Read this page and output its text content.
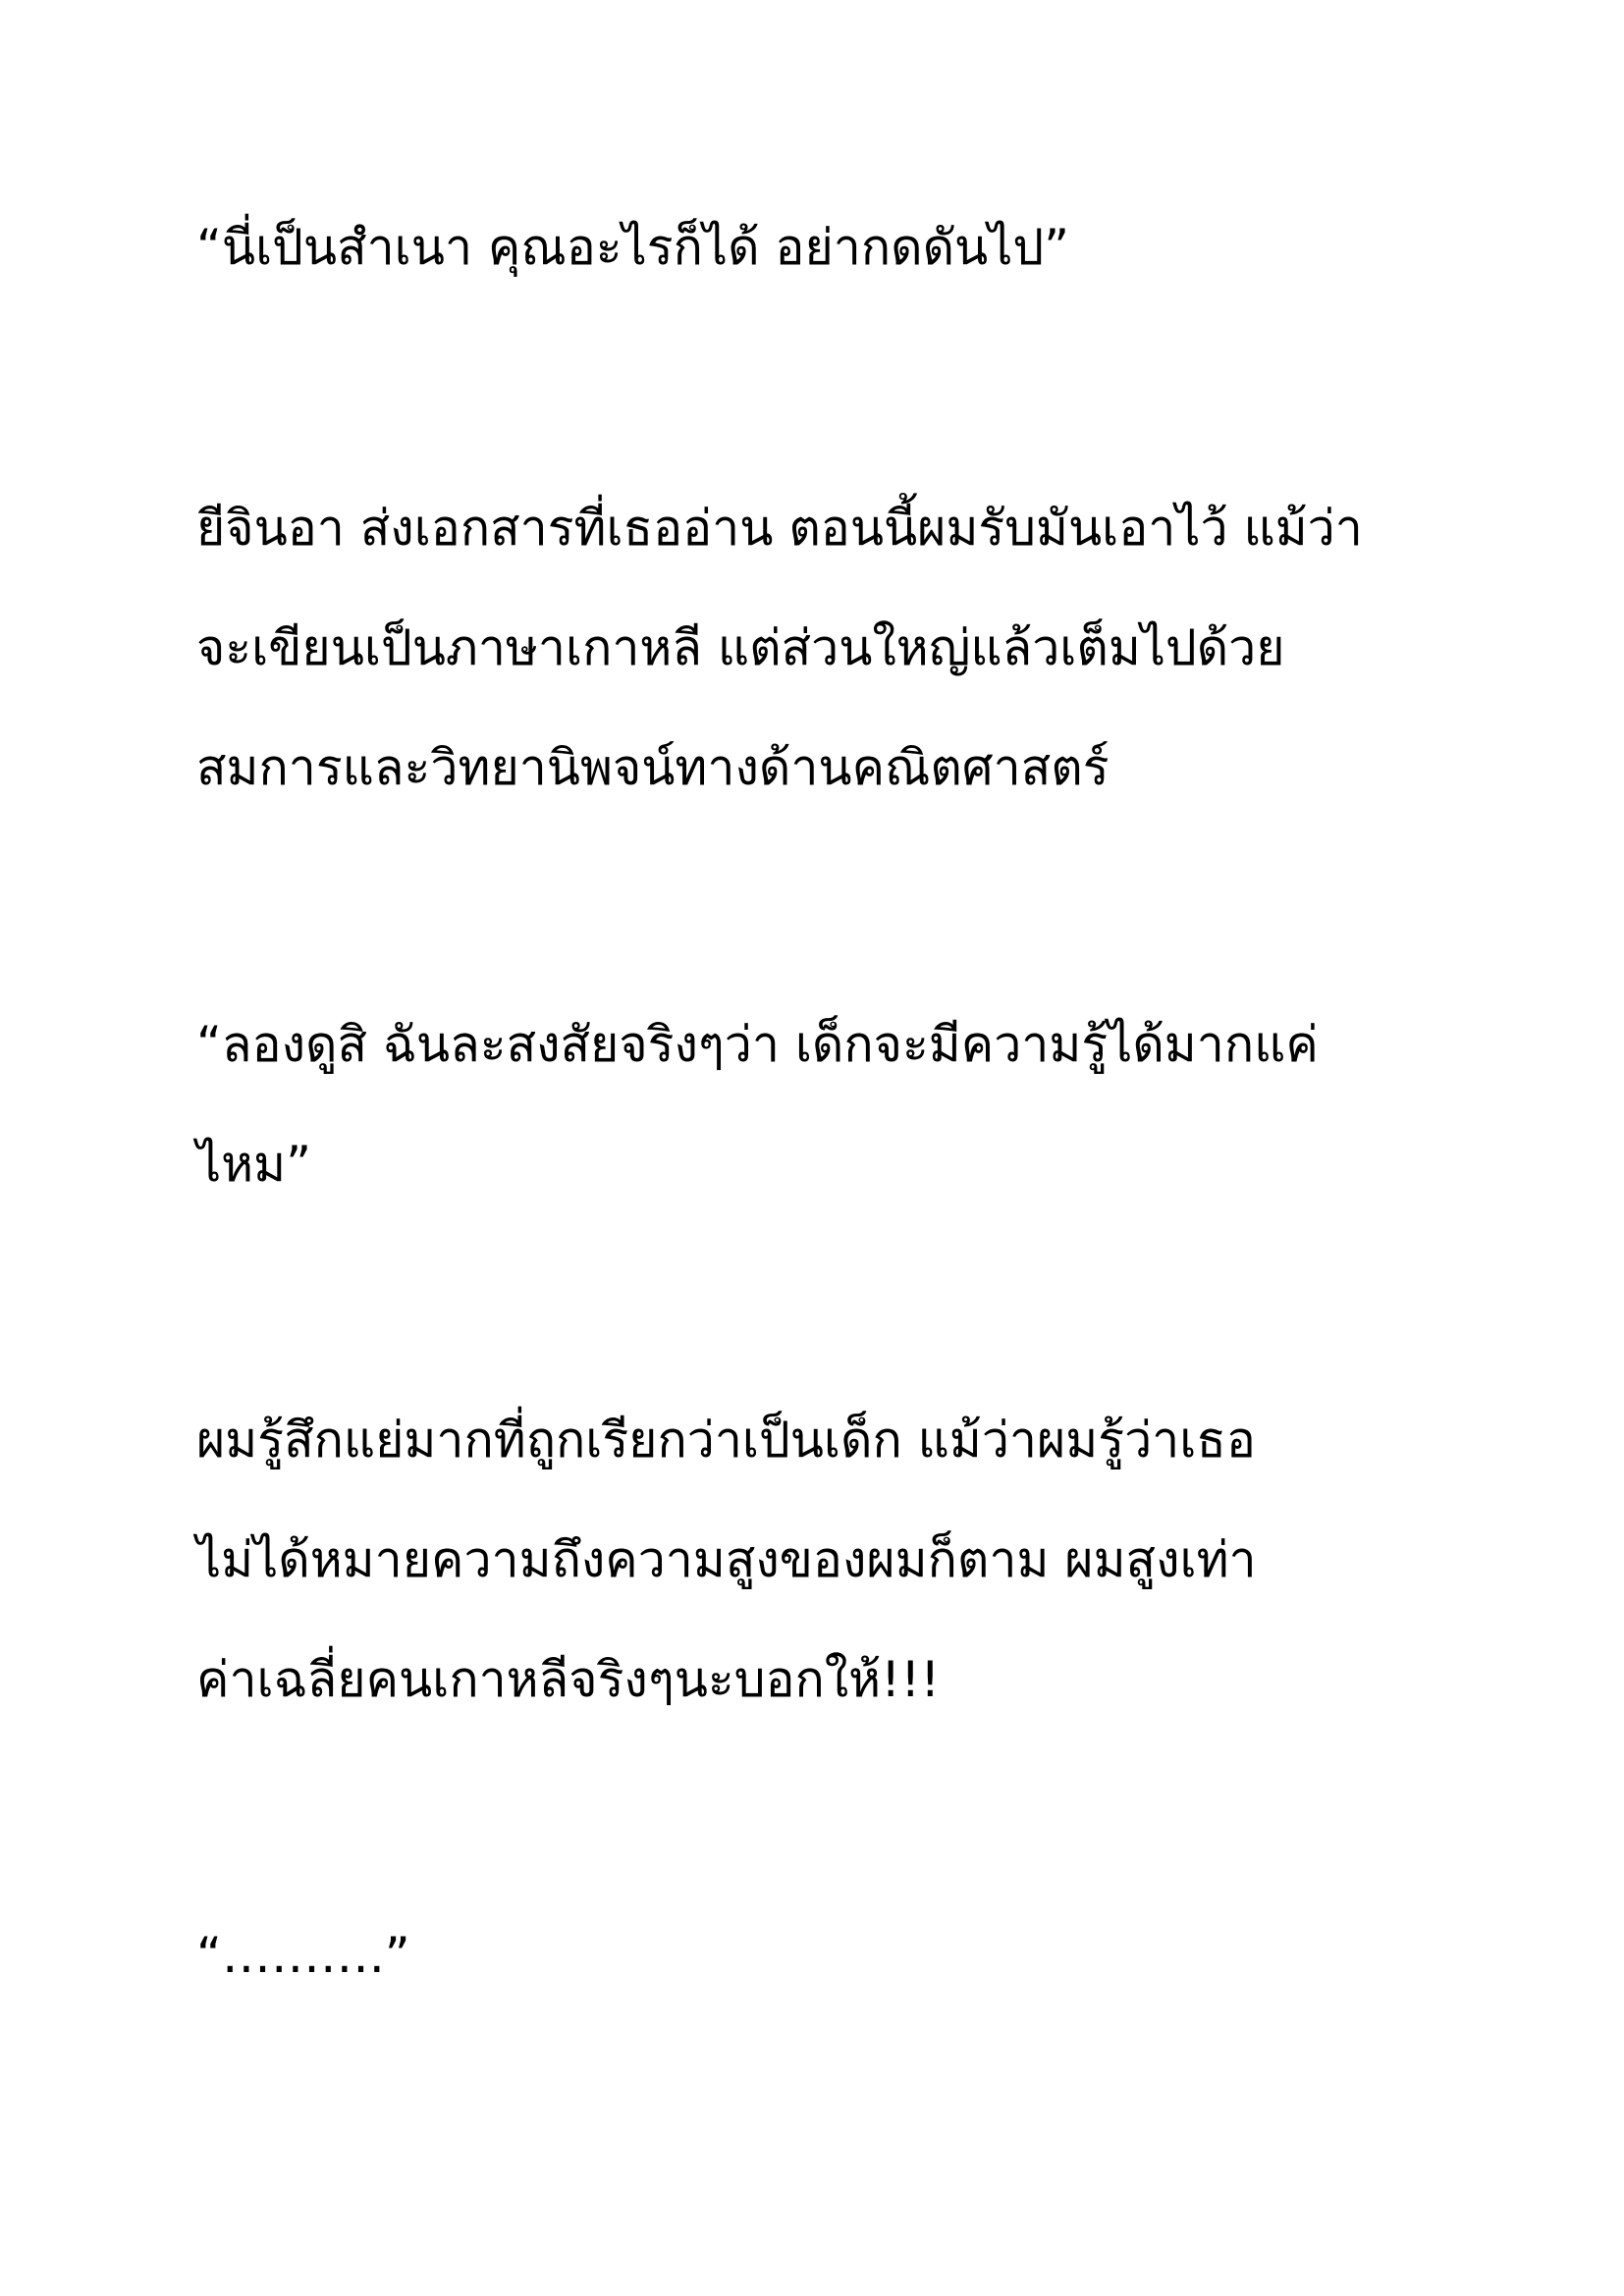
“นี่เป็นสำเนา คุณอะไรก็ได้ อย่ากดดันไป”
ยีจินอา ส่งเอกสารที่เธออ่าน ตอนนี้ผมรับมันเอาไว้ แม้ว่า
จะเขียนเป็นภาษาเกาหลี แต่ส่วนใหญ่แล้วเต็มไปด้วย
สมการและวิทยานิพจน์ทางด้านคณิตศาสตร์
“ลองดูสิ ฉันละสงสัยจริงๆว่า เด็กจะมีความรู้ได้มากแค่
ไหม”
ผมรู้สึกแย่มากที่ถูกเรียกว่าเป็นเด็ก แม้ว่าผมรู้ว่าเธอ
ไม่ได้หมายความถึงความสูงของผมก็ตาม ผมสูงเท่า
ค่าเฉลี่ยคนเกาหลีจริงๆนะบอกให้!!!
“……….”
